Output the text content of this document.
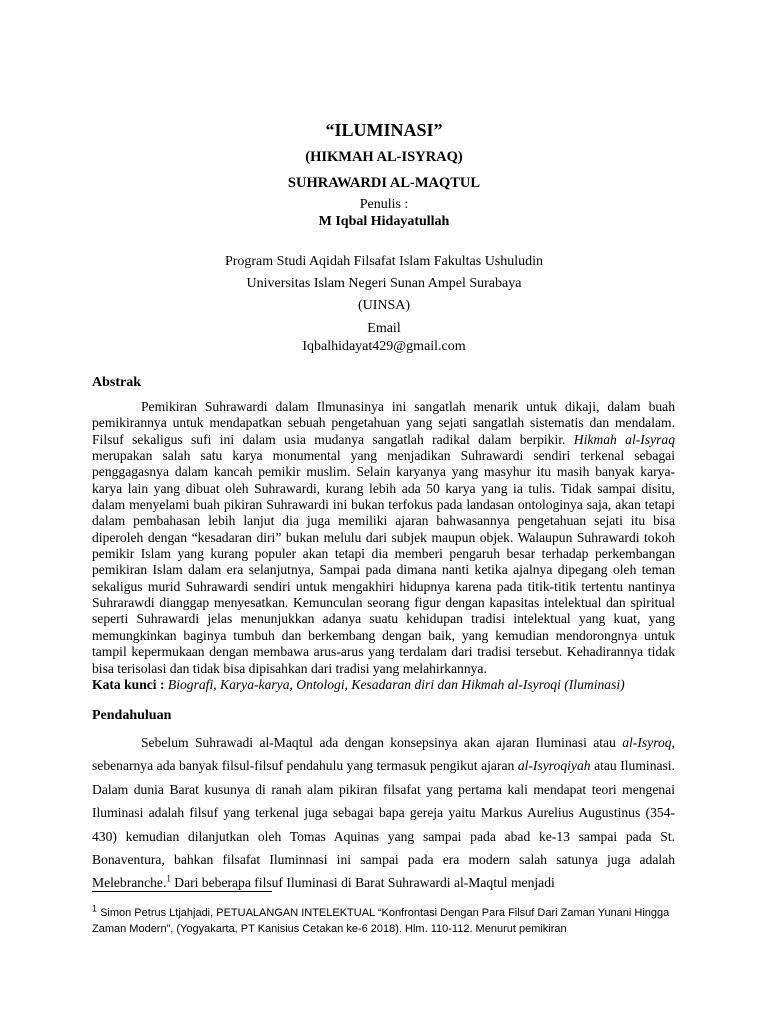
“ILUMINASI”
(HIKMAH AL-ISYRAQ)
SUHRAWARDI AL-MAQTUL
Penulis :
M Iqbal Hidayatullah
Program Studi Aqidah Filsafat Islam Fakultas Ushuludin
Universitas Islam Negeri Sunan Ampel Surabaya
(UINSA)
Email
Iqbalhidayat429@gmail.com
Abstrak

Pemikiran Suhrawardi dalam Ilmunasinya ini sangatlah menarik untuk dikaji, dalam buah pemikirannya untuk mendapatkan sebuah pengetahuan yang sejati sangatlah sistematis dan mendalam. Filsuf sekaligus sufi ini dalam usia mudanya sangatlah radikal dalam berpikir. Hikmah al-Isyraq merupakan salah satu karya monumental yang menjadikan Suhrawardi sendiri terkenal sebagai penggagasnya dalam kancah pemikir muslim. Selain karyanya yang masyhur itu masih banyak karya-karya lain yang dibuat oleh Suhrawardi, kurang lebih ada 50 karya yang ia tulis. Tidak sampai disitu, dalam menyelami buah pikiran Suhrawardi ini bukan terfokus pada landasan ontologinya saja, akan tetapi dalam pembahasan lebih lanjut dia juga memiliki ajaran bahwasannya pengetahuan sejati itu bisa diperoleh dengan “kesadaran diri” bukan melulu dari subjek maupun objek. Walaupun Suhrawardi tokoh pemikir Islam yang kurang populer akan tetapi dia memberi pengaruh besar terhadap perkembangan pemikiran Islam dalam era selanjutnya, Sampai pada dimana nanti ketika ajalnya dipegang oleh teman sekaligus murid Suhrawardi sendiri untuk mengakhiri hidupnya karena pada titik-titik tertentu nantinya Suhrarawdi dianggap menyesatkan. Kemunculan seorang figur dengan kapasitas intelektual dan spiritual seperti Suhrawardi jelas menunjukkan adanya suatu kehidupan tradisi intelektual yang kuat, yang memungkinkan baginya tumbuh dan berkembang dengan baik, yang kemudian mendorongnya untuk tampil kepermukaan dengan membawa arus-arus yang terdalam dari tradisi tersebut. Kehadirannya tidak bisa terisolasi dan tidak bisa dipisahkan dari tradisi yang melahirkannya.

Kata kunci : Biografi, Karya-karya, Ontologi, Kesadaran diri dan Hikmah al-Isyroqi (Iluminasi)
Pendahuluan

Sebelum Suhrawadi al-Maqtul ada dengan konsepsinya akan ajaran Iluminasi atau al-Isyroq, sebenarnya ada banyak filsul-filsuf pendahulu yang termasuk pengikut ajaran al-Isyroqiyah atau Iluminasi. Dalam dunia Barat kusunya di ranah alam pikiran filsafat yang pertama kali mendapat teori mengenai Iluminasi adalah filsuf yang terkenal juga sebagai bapa gereja yaitu Markus Aurelius Augustinus (354-430) kemudian dilanjutkan oleh Tomas Aquinas yang sampai pada abad ke-13 sampai pada St. Bonaventura, bahkan filsafat Iluminnasi ini sampai pada era modern salah satunya juga adalah Melebranche.$^1$ Dari beberapa filsuf Iluminasi di Barat Suhrawardi al-Maqtul menjadi

$^1$ Simon Petrus Ltjahjadi, PETUALANGAN INTELEKTUAL “Konfrontasi Dengan Para Filsuf Dari Zaman Yunani Hingga Zaman Modern”, (Yogyakarta, PT Kanisius Cetakan ke-6 2018). Hlm. 110-112. Menurut pemikiran
